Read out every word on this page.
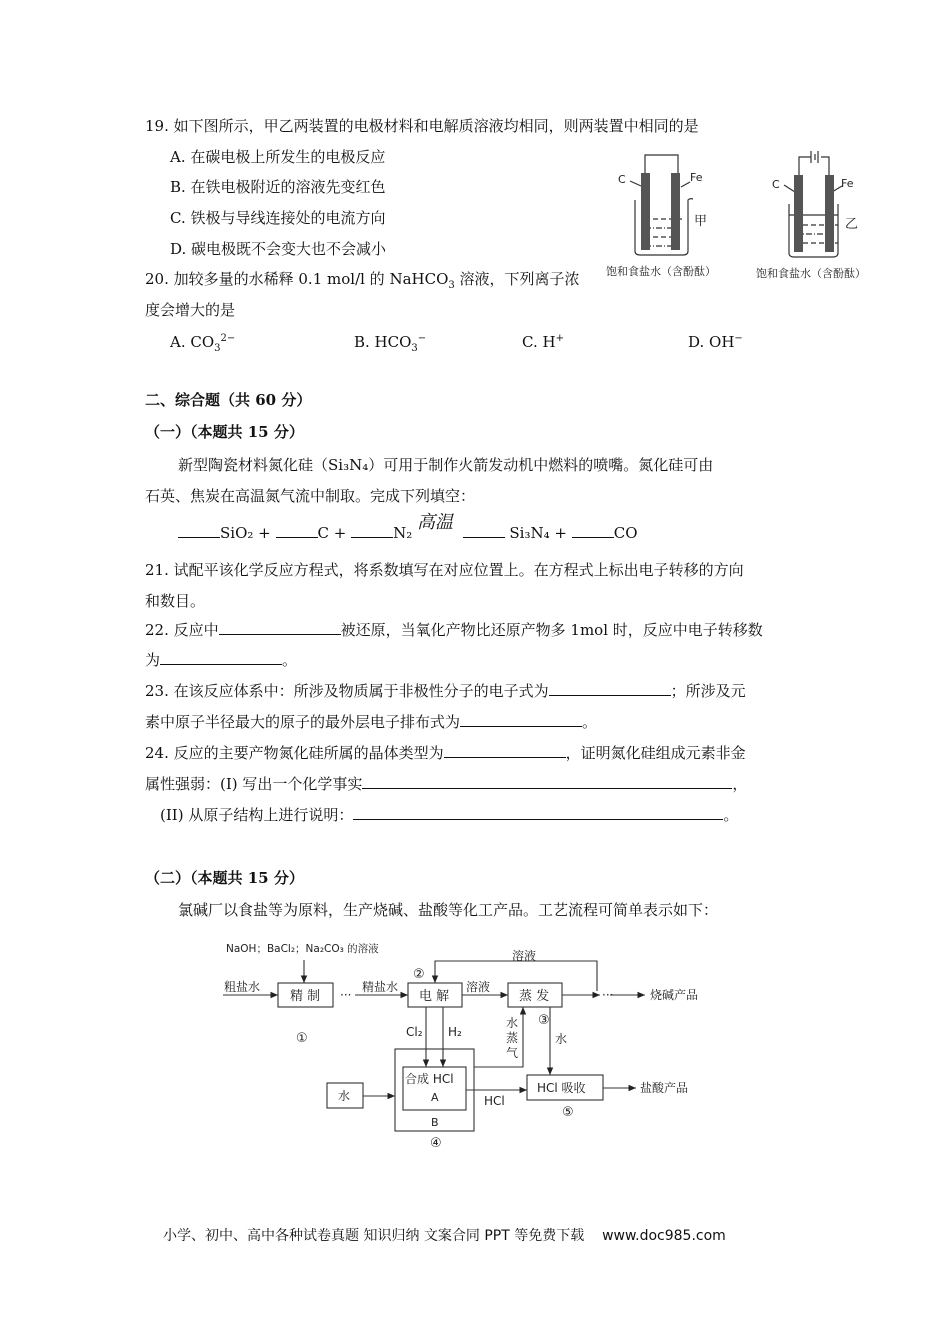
19. 如下图所示，甲乙两装置的电极材料和电解质溶液均相同，则两装置中相同的是
A. 在碳电极上所发生的电极反应
B. 在铁电极附近的溶液先变红色
C. 铁极与导线连接处的电流方向
D. 碳电极既不会变大也不会减小
20. 加较多量的水稀释 0.1 mol/l 的 NaHCO$_3$ 溶液，下列离子浓
度会增大的是
A. $CO_3^{2-}$	B. $HCO_3^-$	C. H+	D. OH−
C	Fe
甲
饱和食盐水（含酚酞）
C	Fe
乙
饱和食盐水（含酚酞）
二、综合题（共 60 分）
（一）（本题共 15 分）
新型陶瓷材料氮化硅（Si₃N₄）可用于制作火箭发动机中燃料的喷嘴。氮化硅可由
石英、焦炭在高温氮气流中制取。完成下列填空：
SiO₂ +	C +	N₂ 高温	Si₃N₄ +	CO
21. 试配平该化学反应方程式，将系数填写在对应位置上。在方程式上标出电子转移的方向
和数目。
22. 反应中	被还原，当氧化产物比还原产物多 1mol 时，反应中电子转移数
为	。
23. 在该反应体系中：所涉及物质属于非极性分子的电子式为	；所涉及元
素中原子半径最大的原子的最外层电子排布式为	。
24. 反应的主要产物氮化硅所属的晶体类型为	，证明氮化硅组成元素非金
属性强弱：(I) 写出一个化学事实	，
(II) 从原子结构上进行说明：	。
（二）（本题共 15 分）
氯碱厂以食盐等为原料，生产烧碱、盐酸等化工产品。工艺流程可简单表示如下：
NaOH；BaCl₂；Na₂CO₃ 的溶液
粗盐水
精 制 ···
精盐水
电 解
溶液
溶液
蒸 发	···	烧碱产品
①
②
③
④
⑤
Cl₂ H₂
水
蒸
气
水
合成 HCl
A
B
水	HCl
HCl 吸收	盐酸产品
小学、初中、高中各种试卷真题 知识归纳 文案合同 PPT 等免费下载 www.doc985.com
